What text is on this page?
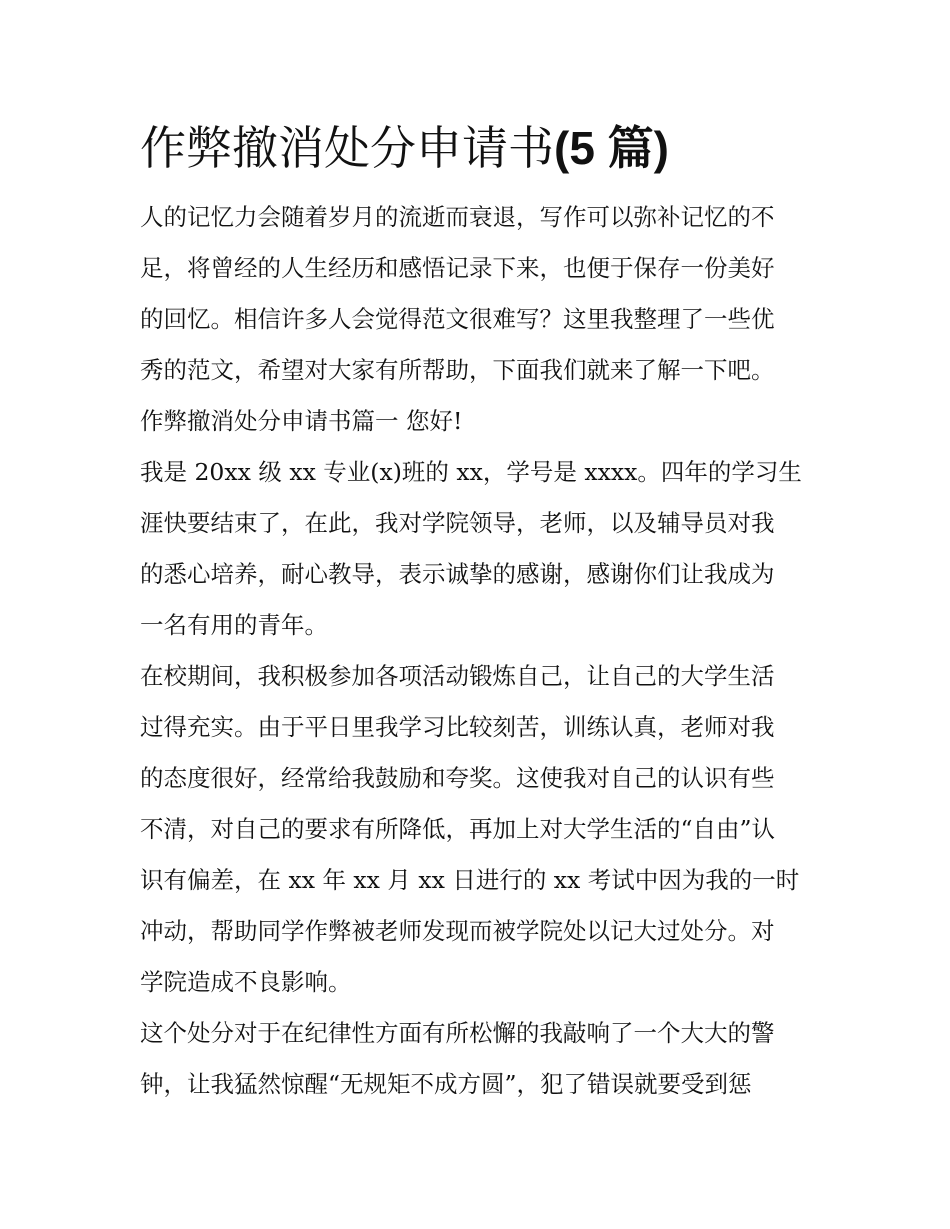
作弊撤消处分申请书(5 篇)
人的记忆力会随着岁月的流逝而衰退，写作可以弥补记忆的不
足，将曾经的人生经历和感悟记录下来，也便于保存一份美好
的回忆。相信许多人会觉得范文很难写？这里我整理了一些优
秀的范文，希望对大家有所帮助，下面我们就来了解一下吧。
作弊撤消处分申请书篇一 您好!
我是 20xx 级 xx 专业(x)班的 xx，学号是 xxxx。四年的学习生
涯快要结束了，在此，我对学院领导，老师，以及辅导员对我
的悉心培养，耐心教导，表示诚挚的感谢，感谢你们让我成为
一名有用的青年。
在校期间，我积极参加各项活动锻炼自己，让自己的大学生活
过得充实。由于平日里我学习比较刻苦，训练认真，老师对我
的态度很好，经常给我鼓励和夸奖。这使我对自己的认识有些
不清，对自己的要求有所降低，再加上对大学生活的“自由”认
识有偏差，在 xx 年 xx 月 xx 日进行的 xx 考试中因为我的一时
冲动，帮助同学作弊被老师发现而被学院处以记大过处分。对
学院造成不良影响。
这个处分对于在纪律性方面有所松懈的我敲响了一个大大的警
钟，让我猛然惊醒“无规矩不成方圆”，犯了错误就要受到惩
